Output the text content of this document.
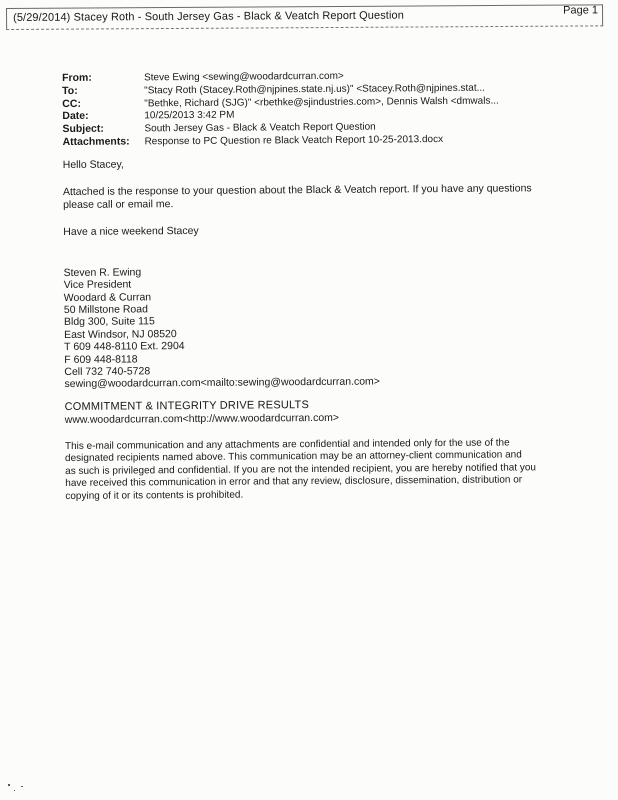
(5/29/2014) Stacey Roth - South Jersey Gas - Black & Veatch Report Question	Page 1
From:	Steve Ewing <sewing@woodardcurran.com>
To:	"Stacy Roth (Stacey.Roth@njpines.state.nj.us)" <Stacey.Roth@njpines.stat...
CC:	"Bethke, Richard (SJG)" <rbethke@sjindustries.com>, Dennis Walsh <dmwals...
Date:	10/25/2013 3:42 PM
Subject:	South Jersey Gas - Black & Veatch Report Question
Attachments: Response to PC Question re Black Veatch Report 10-25-2013.docx

Hello Stacey,

Attached is the response to your question about the Black & Veatch report. If you have any questions

please call or email me.

Have a nice weekend Stacey

Steven R. Ewing
Vice President
Woodard & Curran
50 Millstone Road
Bldg 300, Suite 115
East Windsor, NJ 08520
T 609 448-8110 Ext. 2904
F 609 448-8118
Cell 732 740-5728
sewing@woodardcurran.com<mailto:sewing@woodardcurran.com>
COMMITMENT & INTEGRITY DRIVE RESULTS
www.woodardcurran.com<http://www.woodardcurran.com>

This e-mail communication and any attachments are confidential and intended only for the use of the

designated recipients named above. This communication may be an attorney-client communication and

as such is privileged and confidential. If you are not the intended recipient, you are hereby notified that you

have received this communication in error and that any review, disclosure, dissemination, distribution or

copying of it or its contents is prohibited.
